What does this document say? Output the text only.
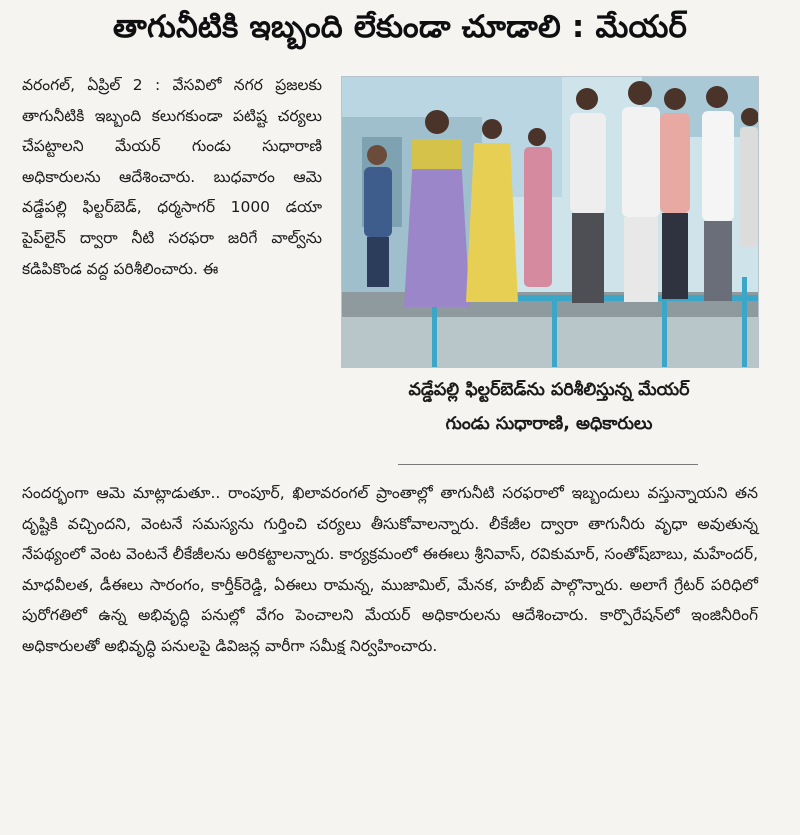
తాగునీటికి ఇబ్బంది లేకుండా చూడాలి : మేయర్

వరంగల్‌, ఏప్రిల్‌ 2 : వేసవిలో నగర ప్రజలకు తాగునీటికి ఇబ్బంది కలుగకుండా పటిష్ట చర్యలు చేపట్టాలని మేయర్‌ గుండు సుధారాణి అధికారులను ఆదేశించారు. బుధవారం ఆమె వడ్డేపల్లి ఫిల్టర్‌బెడ్‌, ధర్మసాగర్‌ 1000 డయా పైప్‌లైన్‌ ద్వారా నీటి సరఫరా జరిగే వాల్వ్‌ను కడిపికొండ వద్ద పరిశీలించారు. ఈ

వడ్డేపల్లి ఫిల్టర్‌బెడ్‌ను పరిశీలిస్తున్న మేయర్‌
గుండు సుధారాణి, అధికారులు

సందర్భంగా ఆమె మాట్లాడుతూ.. రాంపూర్‌, ఖిలావరంగల్‌ ప్రాంతాల్లో తాగునీటి సరఫరాలో ఇబ్బందులు వస్తున్నాయని తన దృష్టికి వచ్చిందని, వెంటనే సమస్యను గుర్తించి చర్యలు తీసుకోవాలన్నారు. లీకేజీల ద్వారా తాగునీరు వృధా అవుతున్న నేపథ్యంలో వెంట వెంటనే లీకేజీలను అరికట్టాలన్నారు. కార్యక్రమంలో ఈఈలు శ్రీనివాస్‌, రవికుమార్‌, సంతోష్‌బాబు, మహేందర్‌, మాధవీలత, డీఈలు సారంగం, కార్తీక్‌రెడ్డి, ఏఈలు రామన్న, ముజామిల్‌, మేనక, హబీబ్‌ పాల్గొన్నారు. అలాగే గ్రేటర్‌ పరిధిలో పురోగతిలో ఉన్న అభివృద్ధి పనుల్లో వేగం పెంచాలని మేయర్‌ అధికారులను ఆదేశించారు. కార్పొరేషన్‌లో ఇంజినీరింగ్‌ అధికారులతో అభివృద్ధి పనులపై డివిజన్ల వారీగా సమీక్ష నిర్వహించారు.
